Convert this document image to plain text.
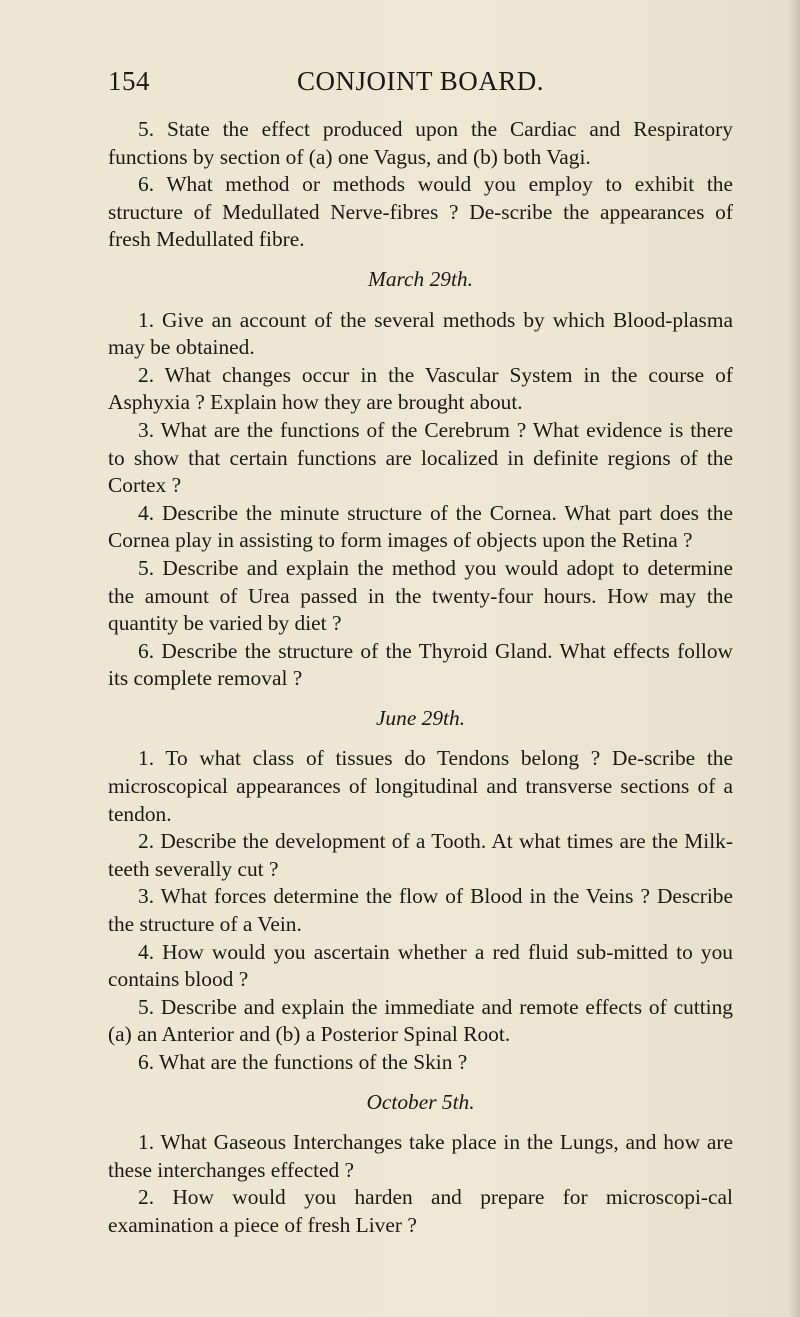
154	CONJOINT BOARD.

5. State the effect produced upon the Cardiac and Respiratory functions by section of (a) one Vagus, and (b) both Vagi.

6. What method or methods would you employ to exhibit the structure of Medullated Nerve-fibres ? De-scribe the appearances of fresh Medullated fibre.

March 29th.

1. Give an account of the several methods by which Blood-plasma may be obtained.

2. What changes occur in the Vascular System in the course of Asphyxia ? Explain how they are brought about.

3. What are the functions of the Cerebrum ? What evidence is there to show that certain functions are localized in definite regions of the Cortex ?

4. Describe the minute structure of the Cornea. What part does the Cornea play in assisting to form images of objects upon the Retina ?

5. Describe and explain the method you would adopt to determine the amount of Urea passed in the twenty-four hours. How may the quantity be varied by diet ?

6. Describe the structure of the Thyroid Gland. What effects follow its complete removal ?

June 29th.

1. To what class of tissues do Tendons belong ? De-scribe the microscopical appearances of longitudinal and transverse sections of a tendon.

2. Describe the development of a Tooth. At what times are the Milk-teeth severally cut ?

3. What forces determine the flow of Blood in the Veins ? Describe the structure of a Vein.

4. How would you ascertain whether a red fluid sub-mitted to you contains blood ?

5. Describe and explain the immediate and remote effects of cutting (a) an Anterior and (b) a Posterior Spinal Root.

6. What are the functions of the Skin ?

October 5th.

1. What Gaseous Interchanges take place in the Lungs, and how are these interchanges effected ?

2. How would you harden and prepare for microscopi-cal examination a piece of fresh Liver ?
